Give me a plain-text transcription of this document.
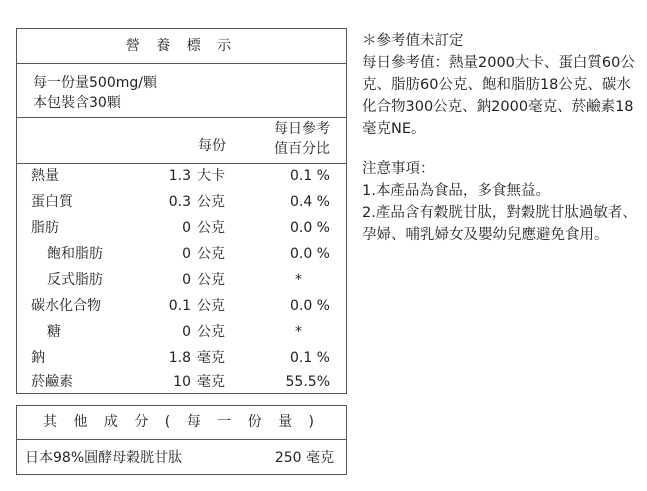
營 養 標 示
每一份量500mg/顆
本包裝含30顆
每份
每日參考
值百分比
熱量	1.3 大卡	0.1 %
蛋白質	0.3 公克	0.4 %
脂肪	0 公克	0.0 %
飽和脂肪	0 公克	0.0 %
反式脂肪	0 公克	*
碳水化合物	0.1 公克	0.0 %
糖	0 公克	*
鈉	1.8 毫克	0.1 %
菸鹼素	10 毫克	55.5%
其 他 成 分 ( 每 一 份 量 )
日本98%圓酵母穀胱甘肽	250 毫克

＊參考值未訂定

每日參考值：熱量2000大卡、蛋白質60公克、脂肪60公克、飽和脂肪18公克、碳水化合物300公克、鈉2000毫克、菸鹼素18毫克NE。

注意事項：

1.本產品為食品，多食無益。

2.產品含有穀胱甘肽，對穀胱甘肽過敏者、孕婦、哺乳婦女及嬰幼兒應避免食用。
